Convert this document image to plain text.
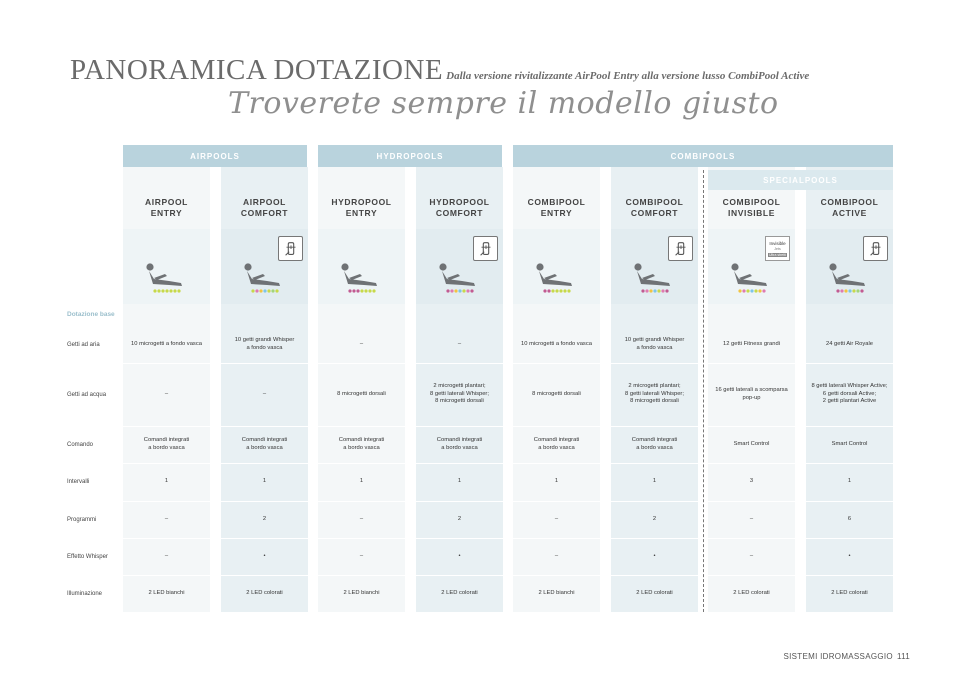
PANORAMICA DOTAZIONE Dalla versione rivitalizzante AirPool Entry alla versione lusso CombiPool Active
Troverete sempre il modello giusto
AIRPOOLS	HYDROPOOLS	COMBIPOOLS
AIRPOOL
ENTRY
10 microgetti a fondo vasca
–
Comandi integrati
a bordo vasca
1
–
–
2 LED bianchi
AIRPOOL
COMFORT
10 getti grandi Whisper
a fondo vasca
–
Comandi integrati
a bordo vasca
1
2
•
2 LED colorati
HYDROPOOL
ENTRY
–
8 microgetti dorsali
Comandi integrati
a bordo vasca
1
–
–
2 LED bianchi
HYDROPOOL
COMFORT
–
2 microgetti plantari;
8 getti laterali Whisper;
8 microgetti dorsali
Comandi integrati
a bordo vasca
1
2
•
2 LED colorati
COMBIPOOL
ENTRY
10 microgetti a fondo vasca
8 microgetti dorsali
Comandi integrati
a bordo vasca
1
–
–
2 LED bianchi
COMBIPOOL
COMFORT
10 getti grandi Whisper
a fondo vasca
2 microgetti plantari;
8 getti laterali Whisper;
8 microgetti dorsali
Comandi integrati
a bordo vasca
1
2
•
2 LED colorati
COMBIPOOL
INVISIBLE
Invisible
Jets
Ultra stretti
12 getti Fitness grandi
16 getti laterali a scomparsa
pop-up
Smart Control
3
–
–
2 LED colorati
COMBIPOOL
ACTIVE
24 getti Air Royale
8 getti laterali Whisper Active;
6 getti dorsali Active;
2 getti plantari Active
Smart Control
1
6
•
2 LED colorati
SPECIALPOOLS
Dotazione base
Getti ad aria
Getti ad acqua
Comando
Intervalli
Programmi
Effetto Whisper
Illuminazione
SISTEMI IDROMASSAGGIO 111
